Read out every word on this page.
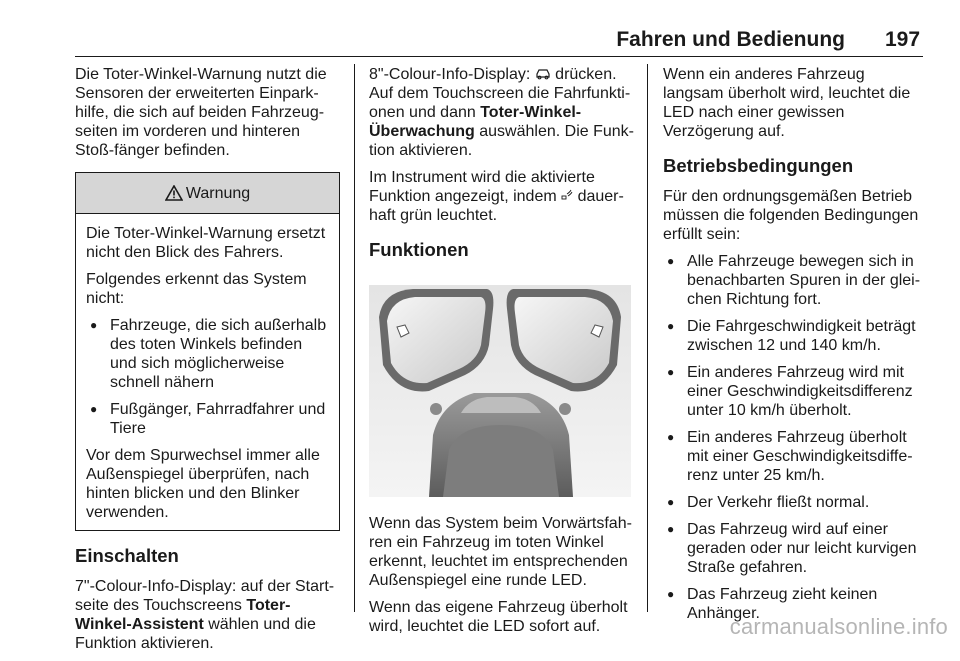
Fahren und Bedienung 197

Die Toter-Winkel-Warnung nutzt die Sensoren der erweiterten Einpark-hilfe, die sich auf beiden Fahrzeug-seiten im vorderen und hinteren Stoß-fänger befinden.

Warnung

Die Toter-Winkel-Warnung ersetzt nicht den Blick des Fahrers.

Folgendes erkennt das System nicht:

● Fahrzeuge, die sich außerhalb des toten Winkels befinden und sich möglicherweise schnell nähern
● Fußgänger, Fahrradfahrer und Tiere

Vor dem Spurwechsel immer alle Außenspiegel überprüfen, nach hinten blicken und den Blinker verwenden.

Einschalten

7"-Colour-Info-Display: auf der Start-seite des Touchscreens Toter-Winkel-Assistent wählen und die Funktion aktivieren.

8"-Colour-Info-Display:  drücken. Auf dem Touchscreen die Fahrfunkti-onen und dann Toter-Winkel-Überwachung auswählen. Die Funk-tion aktivieren.

Im Instrument wird die aktivierte Funktion angezeigt, indem  dauer-haft grün leuchtet.

Funktionen

Wenn das System beim Vorwärtsfah-ren ein Fahrzeug im toten Winkel erkennt, leuchtet im entsprechenden Außenspiegel eine runde LED.

Wenn das eigene Fahrzeug überholt wird, leuchtet die LED sofort auf.

Wenn ein anderes Fahrzeug langsam überholt wird, leuchtet die LED nach einer gewissen Verzögerung auf.

Betriebsbedingungen

Für den ordnungsgemäßen Betrieb müssen die folgenden Bedingungen erfüllt sein:

● Alle Fahrzeuge bewegen sich in benachbarten Spuren in der glei-chen Richtung fort.
● Die Fahrgeschwindigkeit beträgt zwischen 12 und 140 km/h.
● Ein anderes Fahrzeug wird mit einer Geschwindigkeitsdifferenz unter 10 km/h überholt.
● Ein anderes Fahrzeug überholt mit einer Geschwindigkeitsdiffe-renz unter 25 km/h.
● Der Verkehr fließt normal.
● Das Fahrzeug wird auf einer geraden oder nur leicht kurvigen Straße gefahren.
● Das Fahrzeug zieht keinen Anhänger.
carmanualsonline.info
